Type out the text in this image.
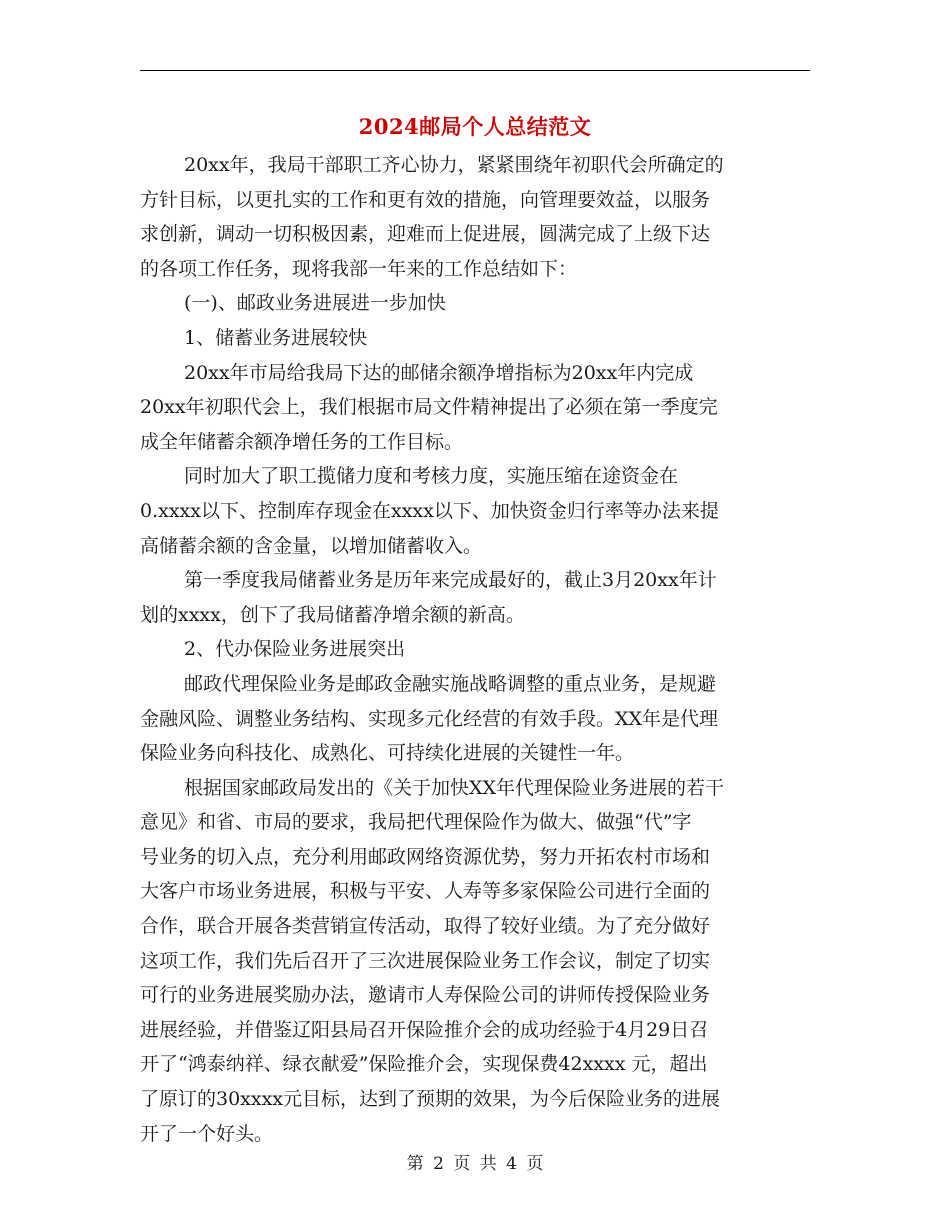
2024邮局个人总结范文
20xx年，我局干部职工齐心协力，紧紧围绕年初职代会所确定的
方针目标，以更扎实的工作和更有效的措施，向管理要效益，以服务
求创新，调动一切积极因素，迎难而上促进展，圆满完成了上级下达
的各项工作任务，现将我部一年来的工作总结如下：
(一)、邮政业务进展进一步加快
1、储蓄业务进展较快
20xx年市局给我局下达的邮储余额净增指标为20xx年内完成
20xx年初职代会上，我们根据市局文件精神提出了必须在第一季度完
成全年储蓄余额净增任务的工作目标。
同时加大了职工揽储力度和考核力度，实施压缩在途资金在
0.xxxx以下、控制库存现金在xxxx以下、加快资金归行率等办法来提
高储蓄余额的含金量，以增加储蓄收入。
第一季度我局储蓄业务是历年来完成最好的，截止3月20xx年计
划的xxxx，创下了我局储蓄净增余额的新高。
2、代办保险业务进展突出
邮政代理保险业务是邮政金融实施战略调整的重点业务，是规避
金融风险、调整业务结构、实现多元化经营的有效手段。XX年是代理
保险业务向科技化、成熟化、可持续化进展的关键性一年。
根据国家邮政局发出的《关于加快XX年代理保险业务进展的若干
意见》和省、市局的要求，我局把代理保险作为做大、做强“代”字
号业务的切入点，充分利用邮政网络资源优势，努力开拓农村市场和
大客户市场业务进展，积极与平安、人寿等多家保险公司进行全面的
合作，联合开展各类营销宣传活动，取得了较好业绩。为了充分做好
这项工作，我们先后召开了三次进展保险业务工作会议，制定了切实
可行的业务进展奖励办法，邀请市人寿保险公司的讲师传授保险业务
进展经验，并借鉴辽阳县局召开保险推介会的成功经验于4月29日召
开了“鸿泰纳祥、绿衣献爱”保险推介会，实现保费42xxxx 元，超出
了原订的30xxxx元目标，达到了预期的效果，为今后保险业务的进展
开了一个好头。
第 2 页 共 4 页
